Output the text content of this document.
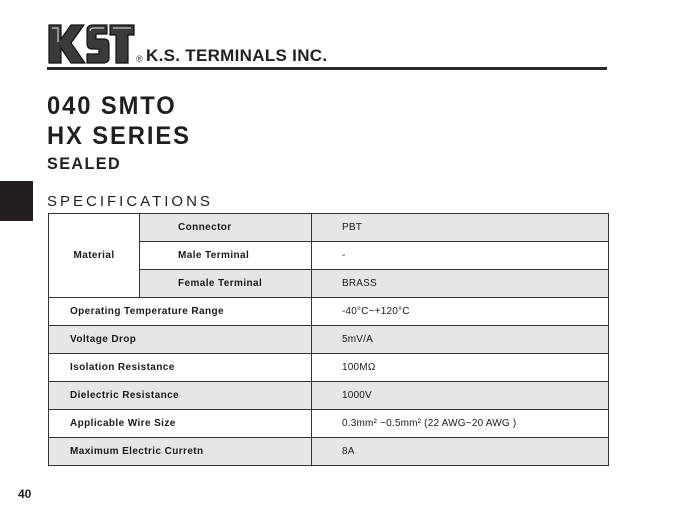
® K.S. TERMINALS INC.
040 SMTO
HX SERIES
SEALED
SPECIFICATIONS
Material	Connector	PBT
	Male Terminal	-
	Female Terminal	BRASS
Operating Temperature Range		-40°C~+120°C
Voltage Drop		5mV/A
Isolation Resistance		100MΩ
Dielectric Resistance		1000V
Applicable Wire Size		0.3mm² ~0.5mm² (22 AWG~20 AWG )
Maximum Electric Curretn		8A
40
